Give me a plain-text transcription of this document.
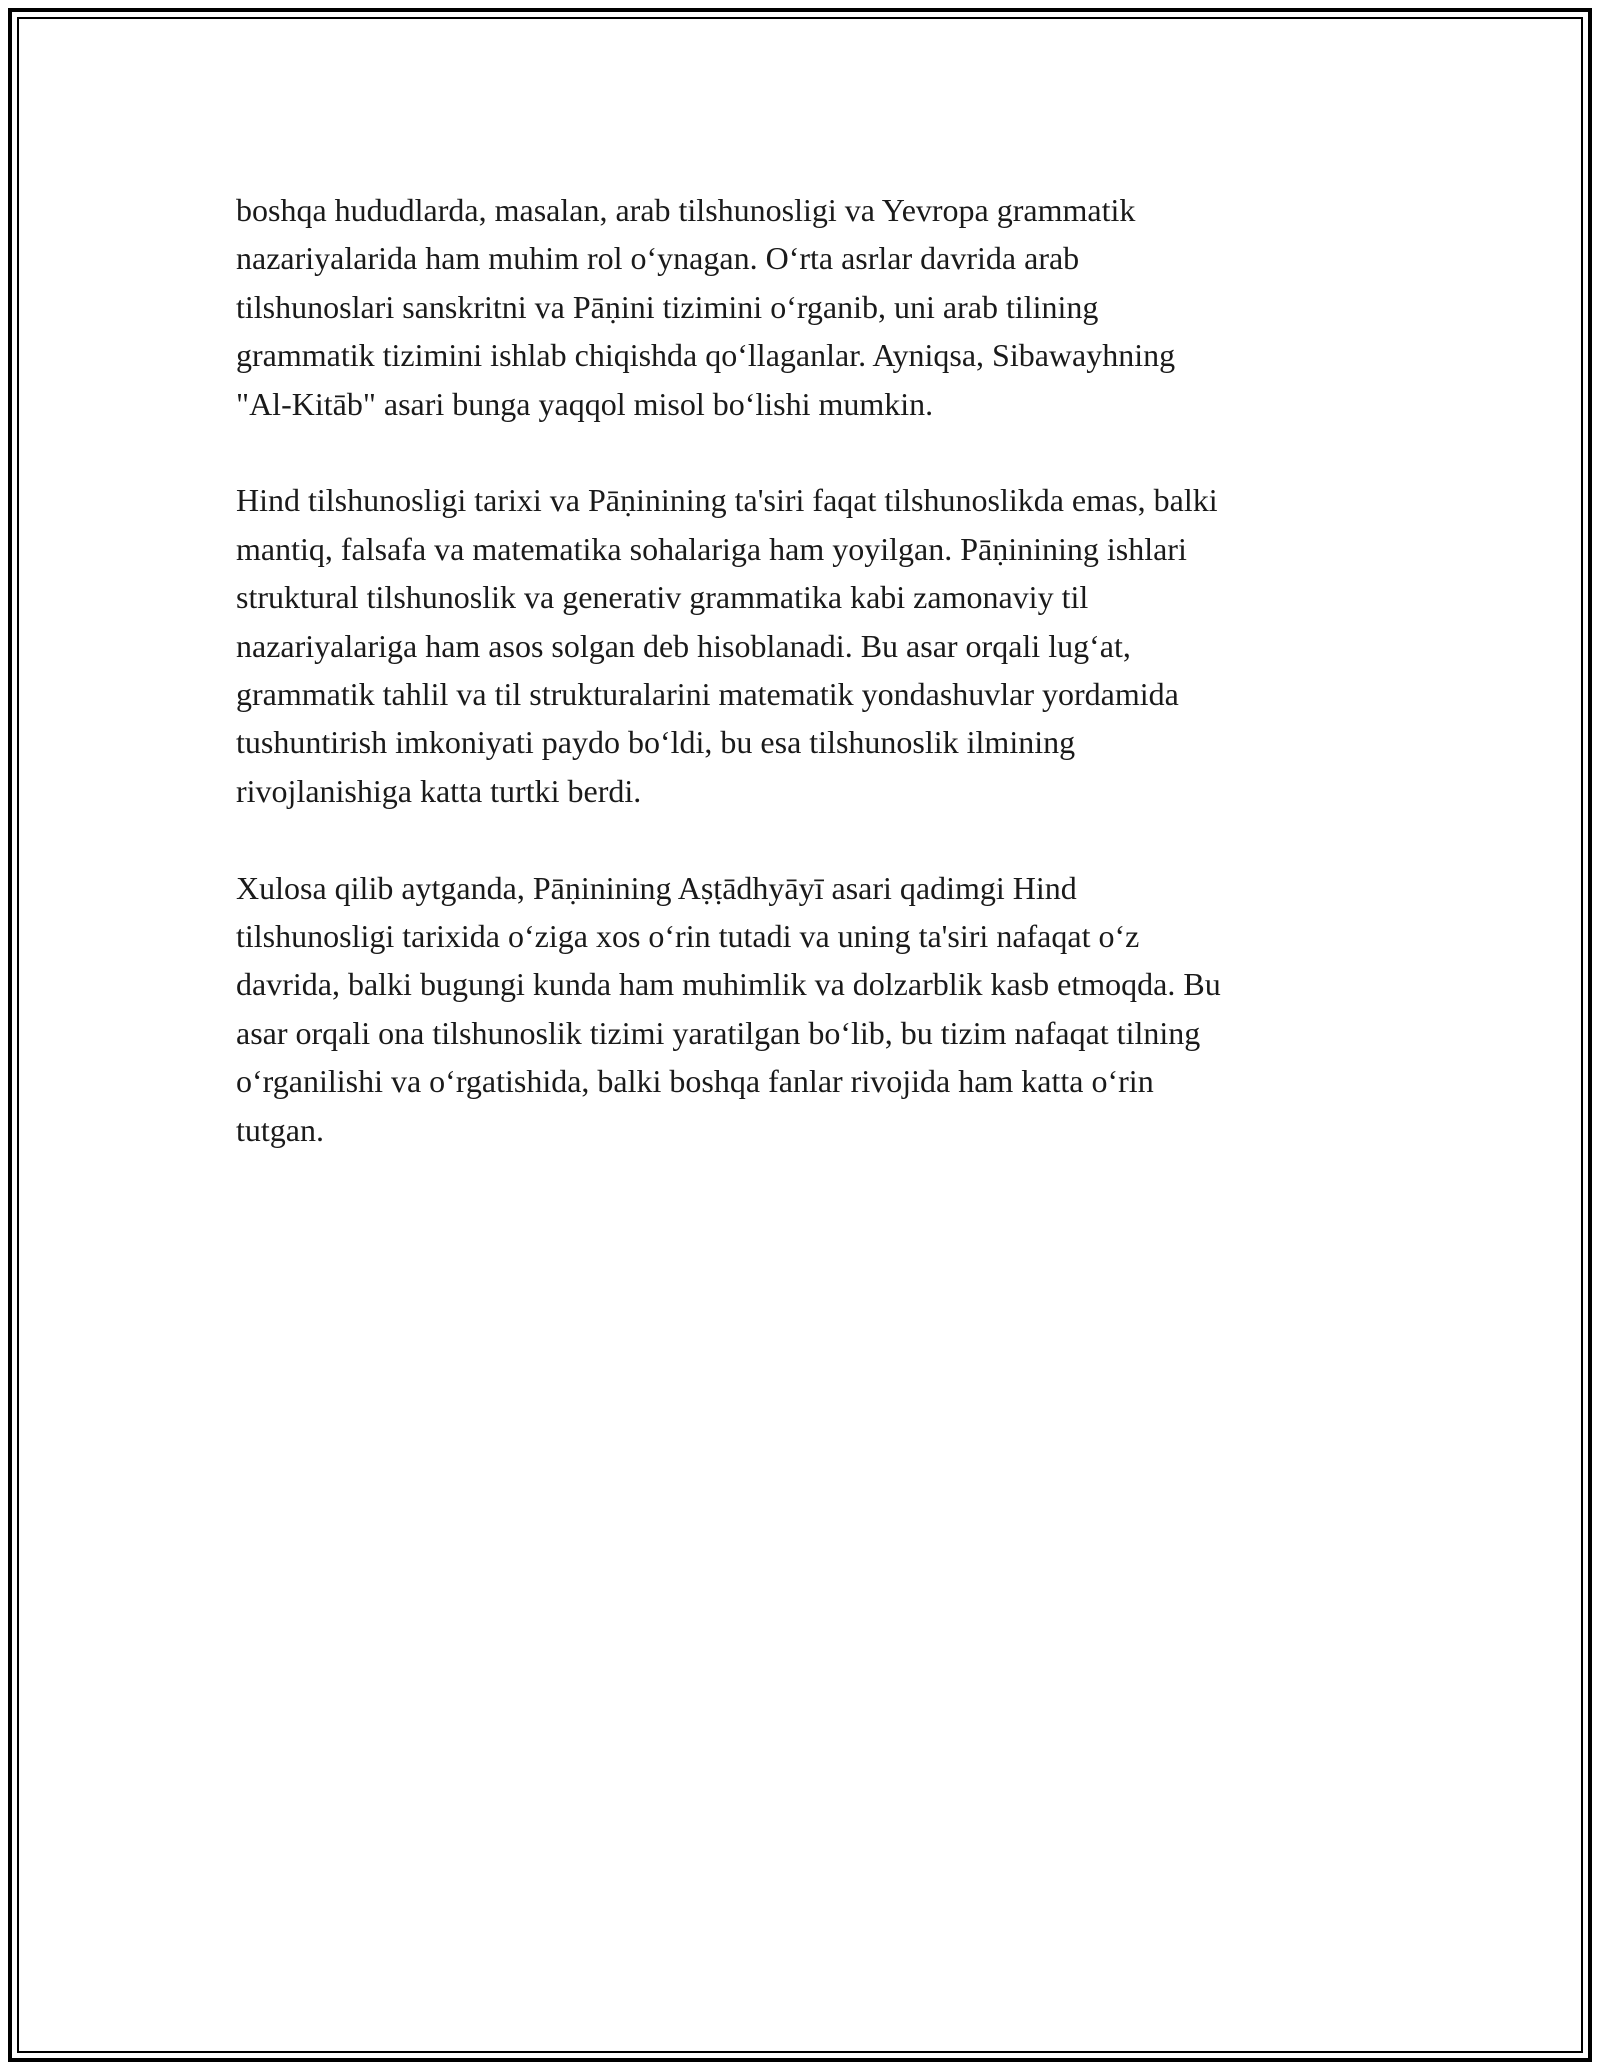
boshqa hududlarda, masalan, arab tilshunosligi va Yevropa grammatik
nazariyalarida ham muhim rol o‘ynagan. O‘rta asrlar davrida arab
tilshunoslari sanskritni va Pāṇini tizimini o‘rganib, uni arab tilining
grammatik tizimini ishlab chiqishda qo‘llaganlar. Ayniqsa, Sibawayhning
"Al-Kitāb" asari bunga yaqqol misol bo‘lishi mumkin.

Hind tilshunosligi tarixi va Pāṇinining ta'siri faqat tilshunoslikda emas, balki
mantiq, falsafa va matematika sohalariga ham yoyilgan. Pāṇinining ishlari
struktural tilshunoslik va generativ grammatika kabi zamonaviy til
nazariyalariga ham asos solgan deb hisoblanadi. Bu asar orqali lug‘at,
grammatik tahlil va til strukturalarini matematik yondashuvlar yordamida
tushuntirish imkoniyati paydo bo‘ldi, bu esa tilshunoslik ilmining
rivojlanishiga katta turtki berdi.

Xulosa qilib aytganda, Pāṇinining Aṣṭādhyāyī asari qadimgi Hind
tilshunosligi tarixida o‘ziga xos o‘rin tutadi va uning ta'siri nafaqat o‘z
davrida, balki bugungi kunda ham muhimlik va dolzarblik kasb etmoqda. Bu
asar orqali ona tilshunoslik tizimi yaratilgan bo‘lib, bu tizim nafaqat tilning
o‘rganilishi va o‘rgatishida, balki boshqa fanlar rivojida ham katta o‘rin
tutgan.
